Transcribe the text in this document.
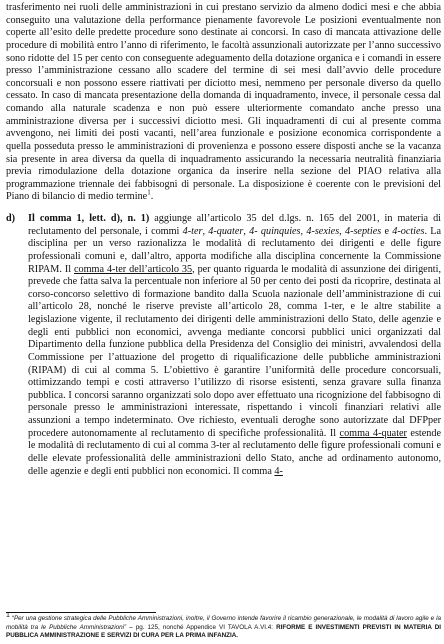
trasferimento nei ruoli delle amministrazioni in cui prestano servizio da almeno dodici mesi e che abbia conseguito una valutazione della performance pienamente favorevole Le posizioni eventualmente non coperte all’esito delle predette procedure sono destinate ai concorsi. In caso di mancata attivazione delle procedure di mobilità entro l’anno di riferimento, le facoltà assunzionali autorizzate per l’anno successivo sono ridotte del 15 per cento con conseguente adeguamento della dotazione organica e i comandi in essere presso l’amministrazione cessano allo scadere del termine di sei mesi dall’avvio delle procedure concorsuali e non possono essere riattivati per diciotto mesi, nemmeno per personale diverso da quello cessato. In caso di mancata presentazione della domanda di inquadramento, invece, il personale cessa dal comando alla naturale scadenza e non può essere ulteriormente comandato anche presso una amministrazione diversa per i successivi diciotto mesi. Gli inquadramenti di cui al presente comma avvengono, nei limiti dei posti vacanti, nell’area funzionale e posizione economica corrispondente a quella posseduta presso le amministrazioni di provenienza e possono essere disposti anche se la vacanza sia presente in area diversa da quella di inquadramento assicurando la necessaria neutralità finanziaria previa rimodulazione della dotazione organica da inserire nella sezione del PIAO relativa alla programmazione triennale dei fabbisogni di personale. La disposizione è coerente con le previsioni del Piano di bilancio di medio termine$^1$.

d)	Il comma 1, lett. d), n. 1) aggiunge all’articolo 35 del d.lgs. n. 165 del 2001, in materia di reclutamento del personale, i commi 4-ter, 4-quater, 4- quinquies, 4-sexies, 4-septies e 4-octies. La disciplina per un verso razionalizza le modalità di reclutamento dei dirigenti e delle figure professionali comuni e, dall’altro, apporta modifiche alla disciplina concernente la Commissione RIPAM. Il comma 4-ter dell’articolo 35, per quanto riguarda le modalità di assunzione dei dirigenti, prevede che fatta salva la percentuale non inferiore al 50 per cento dei posti da ricoprire, destinata al corso-concorso selettivo di formazione bandito dalla Scuola nazionale dell’amministrazione di cui all’articolo 28, nonché le riserve previste all’articolo 28, comma 1-ter, e le altre stabilite a legislazione vigente, il reclutamento dei dirigenti delle amministrazioni dello Stato, delle agenzie e degli enti pubblici non economici, avvenga mediante concorsi pubblici unici organizzati dal Dipartimento della funzione pubblica della Presidenza del Consiglio dei ministri, avvalendosi della Commissione per l’attuazione del progetto di riqualificazione delle pubbliche amministrazioni (RIPAM) di cui al comma 5. L’obiettivo è garantire l’uniformità delle procedure concorsuali, ottimizzando tempi e costi attraverso l’utilizzo di risorse esistenti, senza gravare sulla finanza pubblica. I concorsi saranno organizzati solo dopo aver effettuato una ricognizione del fabbisogno di personale presso le amministrazioni interessate, rispettando i vincoli finanziari relativi alle assunzioni a tempo indeterminato. Ove richiesto, eventuali deroghe sono autorizzate dal DFPper procedere autonomamente al reclutamento di specifiche professionalità. Il comma 4-quater estende le modalità di reclutamento di cui al comma 3-ter al reclutamento delle figure professionali comuni e delle elevate professionalità delle amministrazioni dello Stato, anche ad ordinamento autonomo, delle agenzie e degli enti pubblici non economici. Il comma 4-
$^1$ “Per una gestione strategica delle Pubbliche Amministrazioni, inoltre, il Governo intende favorire il ricambio generazionale, le modalità di lavoro agile e la mobilità tra le Pubbliche Amministrazioni” – pg. 125, nonché Appendice VI TAVOLA A.VI.4: RIFORME E INVESTIMENTI PREVISTI IN MATERIA DI PUBBLICA AMMINISTRAZIONE E SERVIZI DI CURA PER LA PRIMA INFANZIA.
